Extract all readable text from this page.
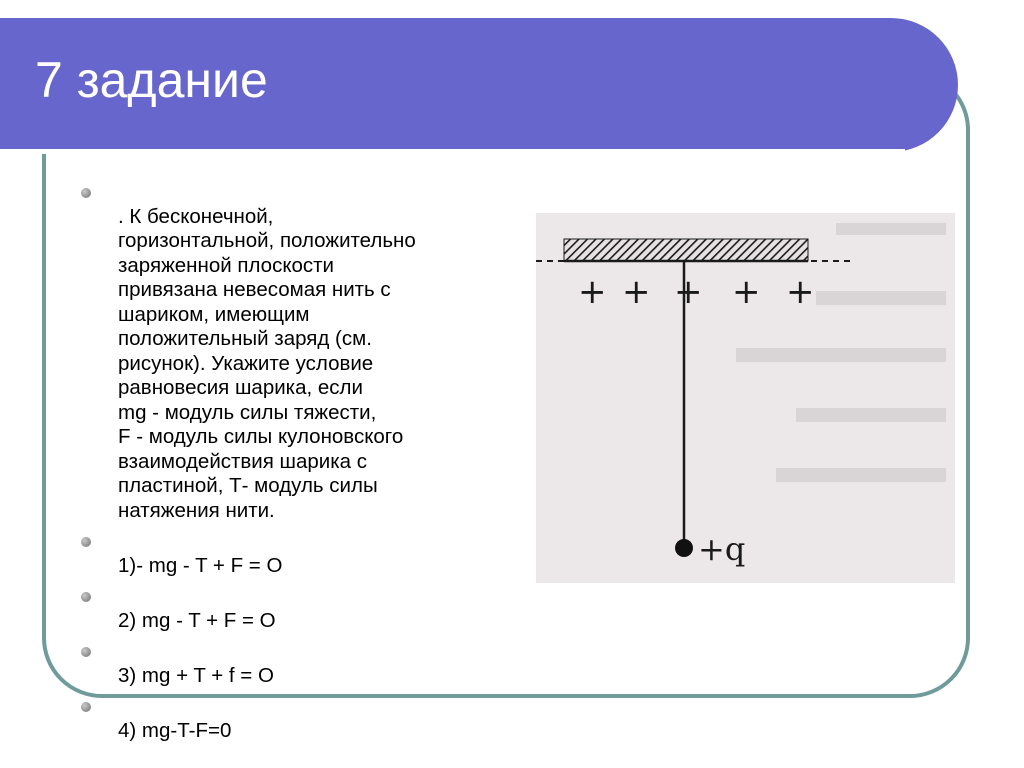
7 задание

. К бесконечной,
горизонтальной, положительно
заряженной плоскости
привязана невесомая нить с
шариком, имеющим
положительный заряд (см.
рисунок). Укажите условие
равновесия шарика, если
mg - модуль силы тяжести,
F - модуль силы кулоновского
взаимодействия шарика с
пластиной, Т- модуль силы
натяжения нити.

1)- mg - T + F = O

2) mg - T + F = O

3) mg + T + f = O

4) mg-T-F=0

+ + + + +
+q
